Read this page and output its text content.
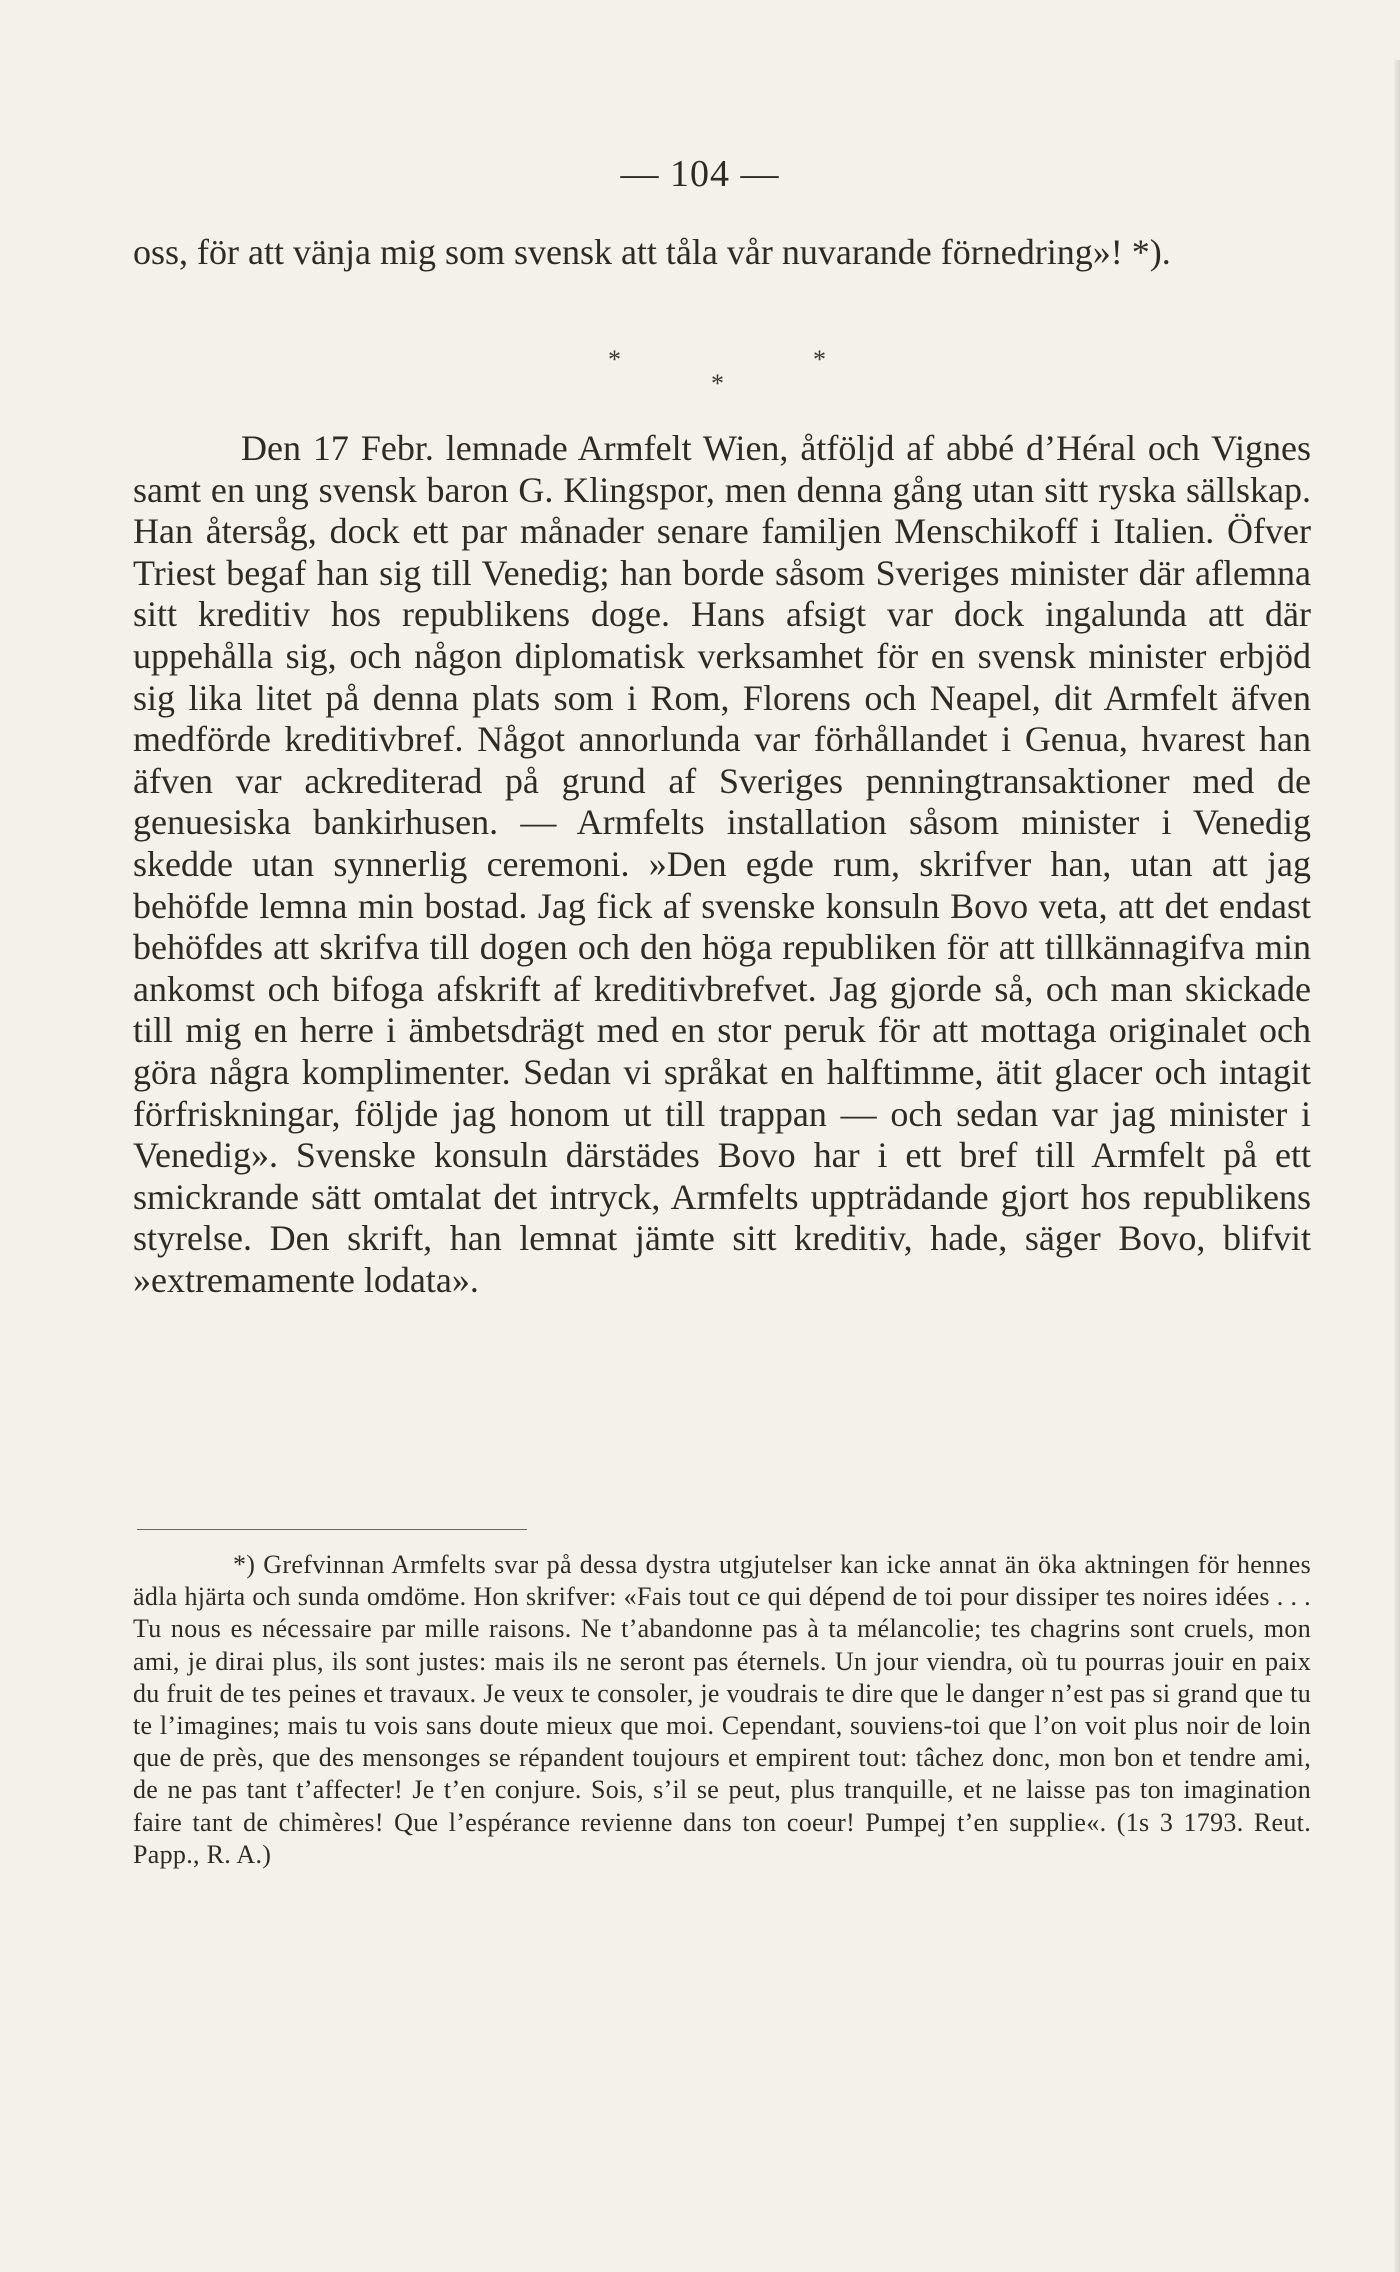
— 104 —

oss, för att vänja mig som svensk att tåla vår nuvarande förnedring»! *).

*	*
*

Den 17 Febr. lemnade Armfelt Wien, åtföljd af abbé d’Héral och Vignes samt en ung svensk baron G. Klingspor, men denna gång utan sitt ryska sällskap. Han återsåg, dock ett par månader senare familjen Menschikoff i Italien. Öfver Triest begaf han sig till Venedig; han borde såsom Sveriges minister där aflemna sitt kreditiv hos republikens doge. Hans afsigt var dock ingalunda att där uppehålla sig, och någon diplomatisk verksamhet för en svensk minister erbjöd sig lika litet på denna plats som i Rom, Florens och Neapel, dit Armfelt äfven medförde kreditivbref. Något annorlunda var förhållandet i Genua, hvarest han äfven var ackrediterad på grund af Sveriges penningtransaktioner med de genuesiska bankirhusen. — Armfelts installation såsom minister i Venedig skedde utan synnerlig ceremoni. »Den egde rum, skrifver han, utan att jag behöfde lemna min bostad. Jag fick af svenske konsuln Bovo veta, att det endast behöfdes att skrifva till dogen och den höga republiken för att tillkännagifva min ankomst och bifoga afskrift af kreditivbrefvet. Jag gjorde så, och man skickade till mig en herre i ämbetsdrägt med en stor peruk för att mottaga originalet och göra några komplimenter. Sedan vi språkat en halftimme, ätit glacer och intagit förfriskningar, följde jag honom ut till trappan — och sedan var jag minister i Venedig». Svenske konsuln därstädes Bovo har i ett bref till Armfelt på ett smickrande sätt omtalat det intryck, Armfelts uppträdande gjort hos republikens styrelse. Den skrift, han lemnat jämte sitt kreditiv, hade, säger Bovo, blifvit »extremamente lodata».

*) Grefvinnan Armfelts svar på dessa dystra utgjutelser kan icke annat än öka aktningen för hennes ädla hjärta och sunda omdöme. Hon skrifver: «Fais tout ce qui dépend de toi pour dissiper tes noires idées . . . Tu nous es nécessaire par mille raisons. Ne t’abandonne pas à ta mélancolie; tes chagrins sont cruels, mon ami, je dirai plus, ils sont justes: mais ils ne seront pas éternels. Un jour viendra, où tu pourras jouir en paix du fruit de tes peines et travaux. Je veux te consoler, je voudrais te dire que le danger n’est pas si grand que tu te l’imagines; mais tu vois sans doute mieux que moi. Cependant, souviens-toi que l’on voit plus noir de loin que de près, que des mensonges se répandent toujours et empirent tout: tâchez donc, mon bon et tendre ami, de ne pas tant t’affecter! Je t’en conjure. Sois, s’il se peut, plus tranquille, et ne laisse pas ton imagination faire tant de chimères! Que l’espérance revienne dans ton coeur! Pumpej t’en supplie«. (1s 3 1793. Reut. Papp., R. A.)
